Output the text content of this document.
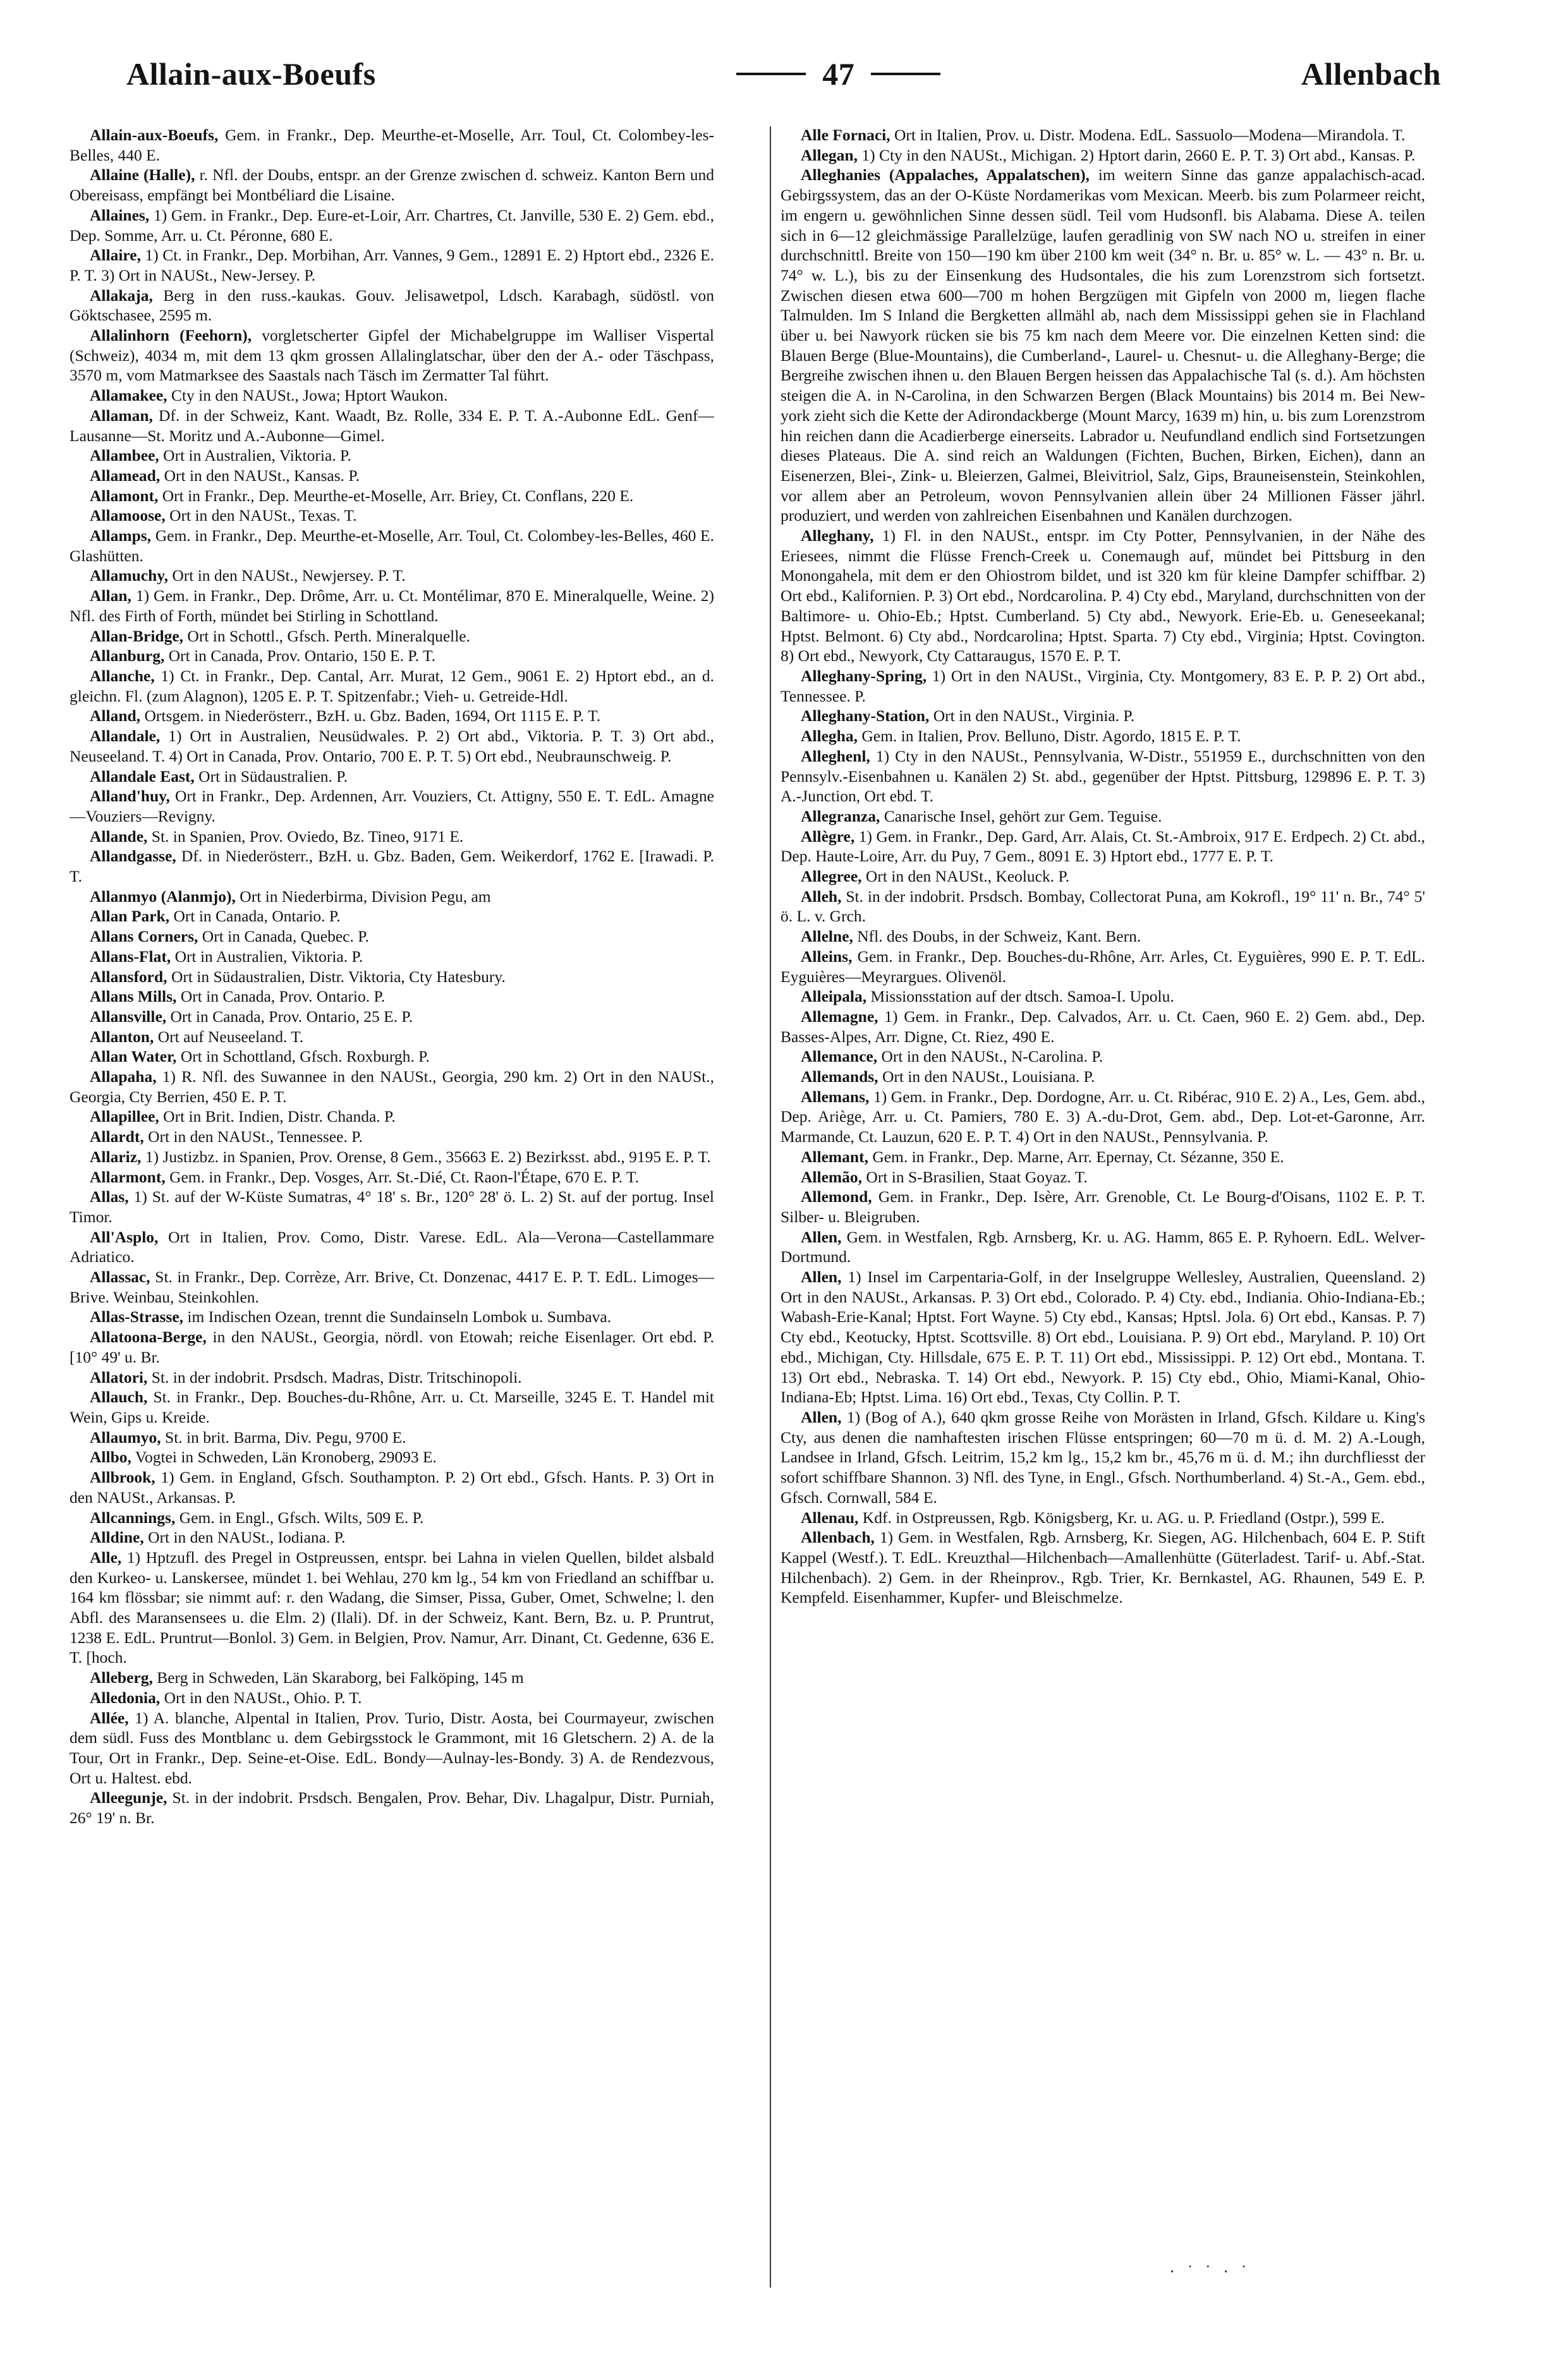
Allain-aux-Boeufs	47	Allenbach

Allain-aux-Boeufs, Gem. in Frankr., Dep. Meurthe-et-Moselle, Arr. Toul, Ct. Colombey-les-Belles, 440 E.

Allaine (Halle), r. Nfl. der Doubs, entspr. an der Grenze zwischen d. schweiz. Kanton Bern und Obereisass, empfängt bei Montbéliard die Lisaine.

Allaines, 1) Gem. in Frankr., Dep. Eure-et-Loir, Arr. Chartres, Ct. Janville, 530 E. 2) Gem. ebd., Dep. Somme, Arr. u. Ct. Péronne, 680 E.

Allaire, 1) Ct. in Frankr., Dep. Morbihan, Arr. Vannes, 9 Gem., 12891 E. 2) Hptort ebd., 2326 E. P. T. 3) Ort in NAUSt., New-Jersey. P.

Allakaja, Berg in den russ.-kaukas. Gouv. Jelisawetpol, Ldsch. Karabagh, südöstl. von Göktschasee, 2595 m.

Allalinhorn (Feehorn), vorgletscherter Gipfel der Michabelgruppe im Walliser Vispertal (Schweiz), 4034 m, mit dem 13 qkm grossen Allalinglatschar, über den der A.- oder Täschpass, 3570 m, vom Matmarksee des Saastals nach Täsch im Zermatter Tal führt.

Allamakee, Cty in den NAUSt., Jowa; Hptort Waukon.

Allaman, Df. in der Schweiz, Kant. Waadt, Bz. Rolle, 334 E. P. T. A.-Aubonne EdL. Genf—Lausanne—St. Moritz und A.-Aubonne—Gimel.

Allambee, Ort in Australien, Viktoria. P.

Allamead, Ort in den NAUSt., Kansas. P.

Allamont, Ort in Frankr., Dep. Meurthe-et-Moselle, Arr. Briey, Ct. Conflans, 220 E.

Allamoose, Ort in den NAUSt., Texas. T.

Allamps, Gem. in Frankr., Dep. Meurthe-et-Moselle, Arr. Toul, Ct. Colombey-les-Belles, 460 E. Glashütten.

Allamuchy, Ort in den NAUSt., Newjersey. P. T.

Allan, 1) Gem. in Frankr., Dep. Drôme, Arr. u. Ct. Montélimar, 870 E. Mineralquelle, Weine. 2) Nfl. des Firth of Forth, mündet bei Stirling in Schottland.

Allan-Bridge, Ort in Schottl., Gfsch. Perth. Mineralquelle.

Allanburg, Ort in Canada, Prov. Ontario, 150 E. P. T.

Allanche, 1) Ct. in Frankr., Dep. Cantal, Arr. Murat, 12 Gem., 9061 E. 2) Hptort ebd., an d. gleichn. Fl. (zum Alagnon), 1205 E. P. T. Spitzenfabr.; Vieh- u. Getreide-Hdl.

Alland, Ortsgem. in Niederösterr., BzH. u. Gbz. Baden, 1694, Ort 1115 E. P. T.

Allandale, 1) Ort in Australien, Neusüdwales. P. 2) Ort abd., Viktoria. P. T. 3) Ort abd., Neuseeland. T. 4) Ort in Canada, Prov. Ontario, 700 E. P. T. 5) Ort ebd., Neubraunschweig. P.

Allandale East, Ort in Südaustralien. P.

Alland'huy, Ort in Frankr., Dep. Ardennen, Arr. Vouziers, Ct. Attigny, 550 E. T. EdL. Amagne—Vouziers—Revigny.

Allande, St. in Spanien, Prov. Oviedo, Bz. Tineo, 9171 E.

Allandgasse, Df. in Niederösterr., BzH. u. Gbz. Baden, Gem. Weikerdorf, 1762 E. [Irawadi. P. T.

Allanmyo (Alanmjo), Ort in Niederbirma, Division Pegu, am

Allan Park, Ort in Canada, Ontario. P.

Allans Corners, Ort in Canada, Quebec. P.

Allans-Flat, Ort in Australien, Viktoria. P.

Allansford, Ort in Südaustralien, Distr. Viktoria, Cty Hatesbury.

Allans Mills, Ort in Canada, Prov. Ontario. P.

Allansville, Ort in Canada, Prov. Ontario, 25 E. P.

Allanton, Ort auf Neuseeland. T.

Allan Water, Ort in Schottland, Gfsch. Roxburgh. P.

Allapaha, 1) R. Nfl. des Suwannee in den NAUSt., Georgia, 290 km. 2) Ort in den NAUSt., Georgia, Cty Berrien, 450 E. P. T.

Allapillee, Ort in Brit. Indien, Distr. Chanda. P.

Allardt, Ort in den NAUSt., Tennessee. P.

Allariz, 1) Justizbz. in Spanien, Prov. Orense, 8 Gem., 35663 E. 2) Bezirksst. abd., 9195 E. P. T.

Allarmont, Gem. in Frankr., Dep. Vosges, Arr. St.-Dié, Ct. Raon-l'Étape, 670 E. P. T.

Allas, 1) St. auf der W-Küste Sumatras, 4° 18' s. Br., 120° 28' ö. L. 2) St. auf der portug. Insel Timor.

All'Asplo, Ort in Italien, Prov. Como, Distr. Varese. EdL. Ala—Verona—Castellammare Adriatico.

Allassac, St. in Frankr., Dep. Corrèze, Arr. Brive, Ct. Donzenac, 4417 E. P. T. EdL. Limoges—Brive. Weinbau, Steinkohlen.

Allas-Strasse, im Indischen Ozean, trennt die Sundainseln Lombok u. Sumbava.

Allatoona-Berge, in den NAUSt., Georgia, nördl. von Etowah; reiche Eisenlager. Ort ebd. P. [10° 49' u. Br.

Allatori, St. in der indobrit. Prsdsch. Madras, Distr. Tritschinopoli.

Allauch, St. in Frankr., Dep. Bouches-du-Rhône, Arr. u. Ct. Marseille, 3245 E. T. Handel mit Wein, Gips u. Kreide.

Allaumyo, St. in brit. Barma, Div. Pegu, 9700 E.

Allbo, Vogtei in Schweden, Län Kronoberg, 29093 E.

Allbrook, 1) Gem. in England, Gfsch. Southampton. P. 2) Ort ebd., Gfsch. Hants. P. 3) Ort in den NAUSt., Arkansas. P.

Allcannings, Gem. in Engl., Gfsch. Wilts, 509 E. P.

Alldine, Ort in den NAUSt., Iodiana. P.

Alle, 1) Hptzufl. des Pregel in Ostpreussen, entspr. bei Lahna in vielen Quellen, bildet alsbald den Kurkeo- u. Lanskersee, mündet 1. bei Wehlau, 270 km lg., 54 km von Friedland an schiffbar u. 164 km flössbar; sie nimmt auf: r. den Wadang, die Simser, Pissa, Guber, Omet, Schwelne; l. den Abfl. des Maransensees u. die Elm. 2) (Ilali). Df. in der Schweiz, Kant. Bern, Bz. u. P. Pruntrut, 1238 E. EdL. Pruntrut—Bonlol. 3) Gem. in Belgien, Prov. Namur, Arr. Dinant, Ct. Gedenne, 636 E. T. [hoch.

Alleberg, Berg in Schweden, Län Skaraborg, bei Falköping, 145 m

Alledonia, Ort in den NAUSt., Ohio. P. T.

Allée, 1) A. blanche, Alpental in Italien, Prov. Turio, Distr. Aosta, bei Courmayeur, zwischen dem südl. Fuss des Montblanc u. dem Gebirgsstock le Grammont, mit 16 Gletschern. 2) A. de la Tour, Ort in Frankr., Dep. Seine-et-Oise. EdL. Bondy—Aulnay-les-Bondy. 3) A. de Rendezvous, Ort u. Haltest. ebd.

Alleegunje, St. in der indobrit. Prsdsch. Bengalen, Prov. Behar, Div. Lhagalpur, Distr. Purniah, 26° 19' n. Br.

Alle Fornaci, Ort in Italien, Prov. u. Distr. Modena. EdL. Sassuolo—Modena—Mirandola. T.

Allegan, 1) Cty in den NAUSt., Michigan. 2) Hptort darin, 2660 E. P. T. 3) Ort abd., Kansas. P.

Alleghanies (Appalaches, Appalatschen), im weitern Sinne das ganze appalachisch-acad. Gebirgssystem, das an der O-Küste Nordamerikas vom Mexican. Meerb. bis zum Polarmeer reicht, im engern u. gewöhnlichen Sinne dessen südl. Teil vom Hudsonfl. bis Alabama. Diese A. teilen sich in 6—12 gleichmässige Parallelzüge, laufen geradlinig von SW nach NO u. streifen in einer durchschnittl. Breite von 150—190 km über 2100 km weit (34° n. Br. u. 85° w. L. — 43° n. Br. u. 74° w. L.), bis zu der Einsenkung des Hudsontales, die his zum Lorenzstrom sich fortsetzt. Zwischen diesen etwa 600—700 m hohen Bergzügen mit Gipfeln von 2000 m, liegen flache Talmulden. Im S Inland die Bergketten allmähl ab, nach dem Mississippi gehen sie in Flachland über u. bei Nawyork rücken sie bis 75 km nach dem Meere vor. Die einzelnen Ketten sind: die Blauen Berge (Blue-Mountains), die Cumberland-, Laurel- u. Chesnut- u. die Alleghany-Berge; die Bergreihe zwischen ihnen u. den Blauen Bergen heissen das Appalachische Tal (s. d.). Am höchsten steigen die A. in N-Carolina, in den Schwarzen Bergen (Black Mountains) bis 2014 m. Bei New-york zieht sich die Kette der Adirondackberge (Mount Marcy, 1639 m) hin, u. bis zum Lorenzstrom hin reichen dann die Acadierberge einerseits. Labrador u. Neufundland endlich sind Fortsetzungen dieses Plateaus. Die A. sind reich an Waldungen (Fichten, Buchen, Birken, Eichen), dann an Eisenerzen, Blei-, Zink- u. Bleierzen, Galmei, Bleivitriol, Salz, Gips, Brauneisenstein, Steinkohlen, vor allem aber an Petroleum, wovon Pennsylvanien allein über 24 Millionen Fässer jährl. produziert, und werden von zahlreichen Eisenbahnen und Kanälen durchzogen.

Alleghany, 1) Fl. in den NAUSt., entspr. im Cty Potter, Pennsylvanien, in der Nähe des Eriesees, nimmt die Flüsse French-Creek u. Conemaugh auf, mündet bei Pittsburg in den Monongahela, mit dem er den Ohiostrom bildet, und ist 320 km für kleine Dampfer schiffbar. 2) Ort ebd., Kalifornien. P. 3) Ort ebd., Nordcarolina. P. 4) Cty ebd., Maryland, durchschnitten von der Baltimore- u. Ohio-Eb.; Hptst. Cumberland. 5) Cty abd., Newyork. Erie-Eb. u. Geneseekanal; Hptst. Belmont. 6) Cty abd., Nordcarolina; Hptst. Sparta. 7) Cty ebd., Virginia; Hptst. Covington. 8) Ort ebd., Newyork, Cty Cattaraugus, 1570 E. P. T.

Alleghany-Spring, 1) Ort in den NAUSt., Virginia, Cty. Montgomery, 83 E. P. P. 2) Ort abd., Tennessee. P.

Alleghany-Station, Ort in den NAUSt., Virginia. P.

Allegha, Gem. in Italien, Prov. Belluno, Distr. Agordo, 1815 E. P. T.

Alleghenl, 1) Cty in den NAUSt., Pennsylvania, W-Distr., 551959 E., durchschnitten von den Pennsylv.-Eisenbahnen u. Kanälen 2) St. abd., gegenüber der Hptst. Pittsburg, 129896 E. P. T. 3) A.-Junction, Ort ebd. T.

Allegranza, Canarische Insel, gehört zur Gem. Teguise.

Allègre, 1) Gem. in Frankr., Dep. Gard, Arr. Alais, Ct. St.-Ambroix, 917 E. Erdpech. 2) Ct. abd., Dep. Haute-Loire, Arr. du Puy, 7 Gem., 8091 E. 3) Hptort ebd., 1777 E. P. T.

Allegree, Ort in den NAUSt., Keoluck. P.

Alleh, St. in der indobrit. Prsdsch. Bombay, Collectorat Puna, am Kokrofl., 19° 11' n. Br., 74° 5' ö. L. v. Grch.

Allelne, Nfl. des Doubs, in der Schweiz, Kant. Bern.

Alleins, Gem. in Frankr., Dep. Bouches-du-Rhône, Arr. Arles, Ct. Eyguières, 990 E. P. T. EdL. Eyguières—Meyrargues. Olivenöl.

Alleipala, Missionsstation auf der dtsch. Samoa-I. Upolu.

Allemagne, 1) Gem. in Frankr., Dep. Calvados, Arr. u. Ct. Caen, 960 E. 2) Gem. abd., Dep. Basses-Alpes, Arr. Digne, Ct. Riez, 490 E.

Allemance, Ort in den NAUSt., N-Carolina. P.

Allemands, Ort in den NAUSt., Louisiana. P.

Allemans, 1) Gem. in Frankr., Dep. Dordogne, Arr. u. Ct. Ribérac, 910 E. 2) A., Les, Gem. abd., Dep. Ariège, Arr. u. Ct. Pamiers, 780 E. 3) A.-du-Drot, Gem. abd., Dep. Lot-et-Garonne, Arr. Marmande, Ct. Lauzun, 620 E. P. T. 4) Ort in den NAUSt., Pennsylvania. P.

Allemant, Gem. in Frankr., Dep. Marne, Arr. Epernay, Ct. Sézanne, 350 E.

Allemão, Ort in S-Brasilien, Staat Goyaz. T.

Allemond, Gem. in Frankr., Dep. Isère, Arr. Grenoble, Ct. Le Bourg-d'Oisans, 1102 E. P. T. Silber- u. Bleigruben.

Allen, Gem. in Westfalen, Rgb. Arnsberg, Kr. u. AG. Hamm, 865 E. P. Ryhoern. EdL. Welver-Dortmund.

Allen, 1) Insel im Carpentaria-Golf, in der Inselgruppe Wellesley, Australien, Queensland. 2) Ort in den NAUSt., Arkansas. P. 3) Ort ebd., Colorado. P. 4) Cty. ebd., Indiania. Ohio-Indiana-Eb.; Wabash-Erie-Kanal; Hptst. Fort Wayne. 5) Cty ebd., Kansas; Hptsl. Jola. 6) Ort ebd., Kansas. P. 7) Cty ebd., Keotucky, Hptst. Scottsville. 8) Ort ebd., Louisiana. P. 9) Ort ebd., Maryland. P. 10) Ort ebd., Michigan, Cty. Hillsdale, 675 E. P. T. 11) Ort ebd., Mississippi. P. 12) Ort ebd., Montana. T. 13) Ort ebd., Nebraska. T. 14) Ort ebd., Newyork. P. 15) Cty ebd., Ohio, Miami-Kanal, Ohio-Indiana-Eb; Hptst. Lima. 16) Ort ebd., Texas, Cty Collin. P. T.

Allen, 1) (Bog of A.), 640 qkm grosse Reihe von Morästen in Irland, Gfsch. Kildare u. King's Cty, aus denen die namhaftesten irischen Flüsse entspringen; 60—70 m ü. d. M. 2) A.-Lough, Landsee in Irland, Gfsch. Leitrim, 15,2 km lg., 15,2 km br., 45,76 m ü. d. M.; ihn durchfliesst der sofort schiffbare Shannon. 3) Nfl. des Tyne, in Engl., Gfsch. Northumberland. 4) St.-A., Gem. ebd., Gfsch. Cornwall, 584 E.

Allenau, Kdf. in Ostpreussen, Rgb. Königsberg, Kr. u. AG. u. P. Friedland (Ostpr.), 599 E.

Allenbach, 1) Gem. in Westfalen, Rgb. Arnsberg, Kr. Siegen, AG. Hilchenbach, 604 E. P. Stift Kappel (Westf.). T. EdL. Kreuzthal—Hilchenbach—Amallenhütte (Güterladest. Tarif- u. Abf.-Stat. Hilchenbach). 2) Gem. in der Rheinprov., Rgb. Trier, Kr. Bernkastel, AG. Rhaunen, 549 E. P. Kempfeld. Eisenhammer, Kupfer- und Bleischmelze.

· ˙ ˙ · ˙
